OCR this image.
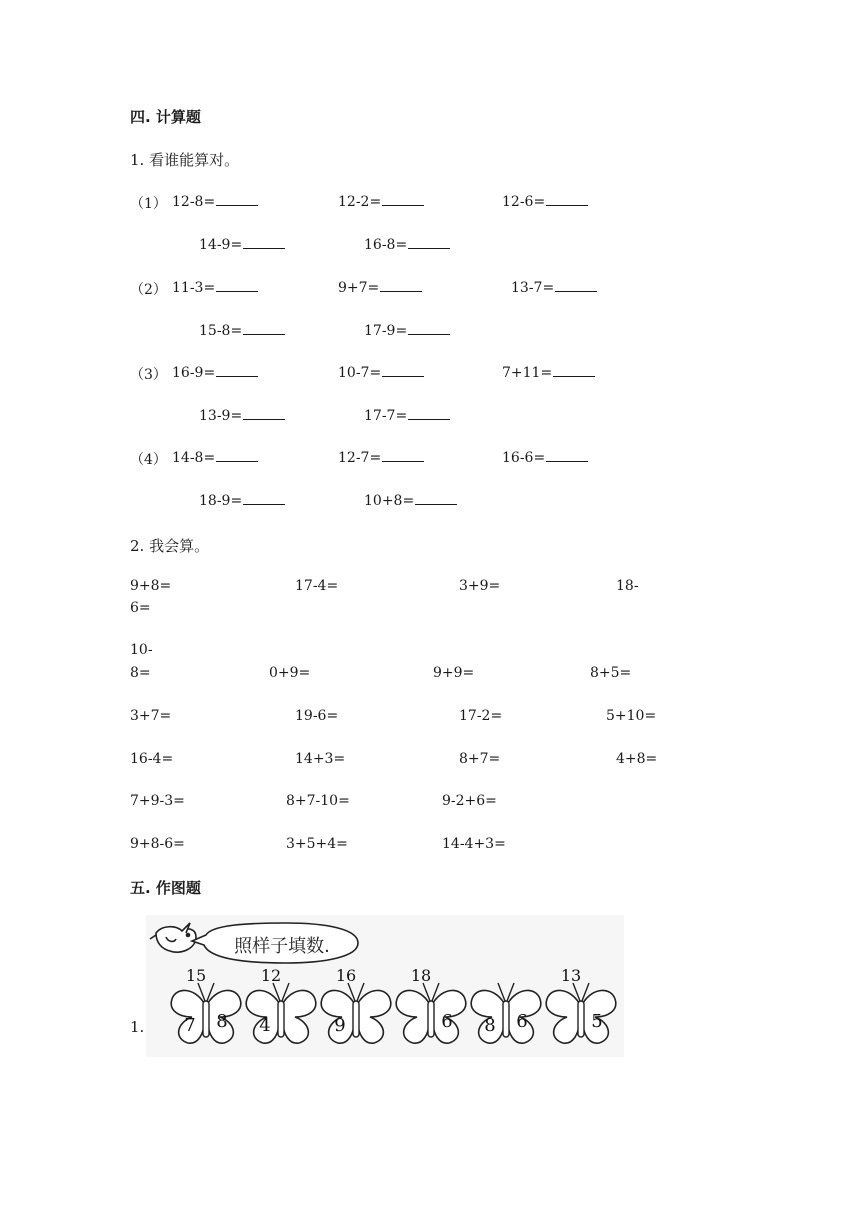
四. 计算题
1. 看谁能算对。
（1） 12-8=	12-2=	12-6=
14-9=	16-8=
（2） 11-3=	9+7=	13-7=
15-8=	17-9=
（3） 16-9=	10-7=	7+11=
13-9=	17-7=
（4） 14-8=	12-7=	16-6=
18-9=	10+8=
2. 我会算。
9+8=	17-4=	3+9=	18-
6=
10-
8=	0+9=	9+9=	8+5=
3+7=	19-6=	17-2=	5+10=
16-4=	14+3=	8+7=	4+8=
7+9-3=	8+7-10=	9-2+6=
9+8-6=	3+5+4=	14-4+3=
五. 作图题
1.
照样子填数.
15
7 8
12
4
16
9
18
6 8 6
13
5
